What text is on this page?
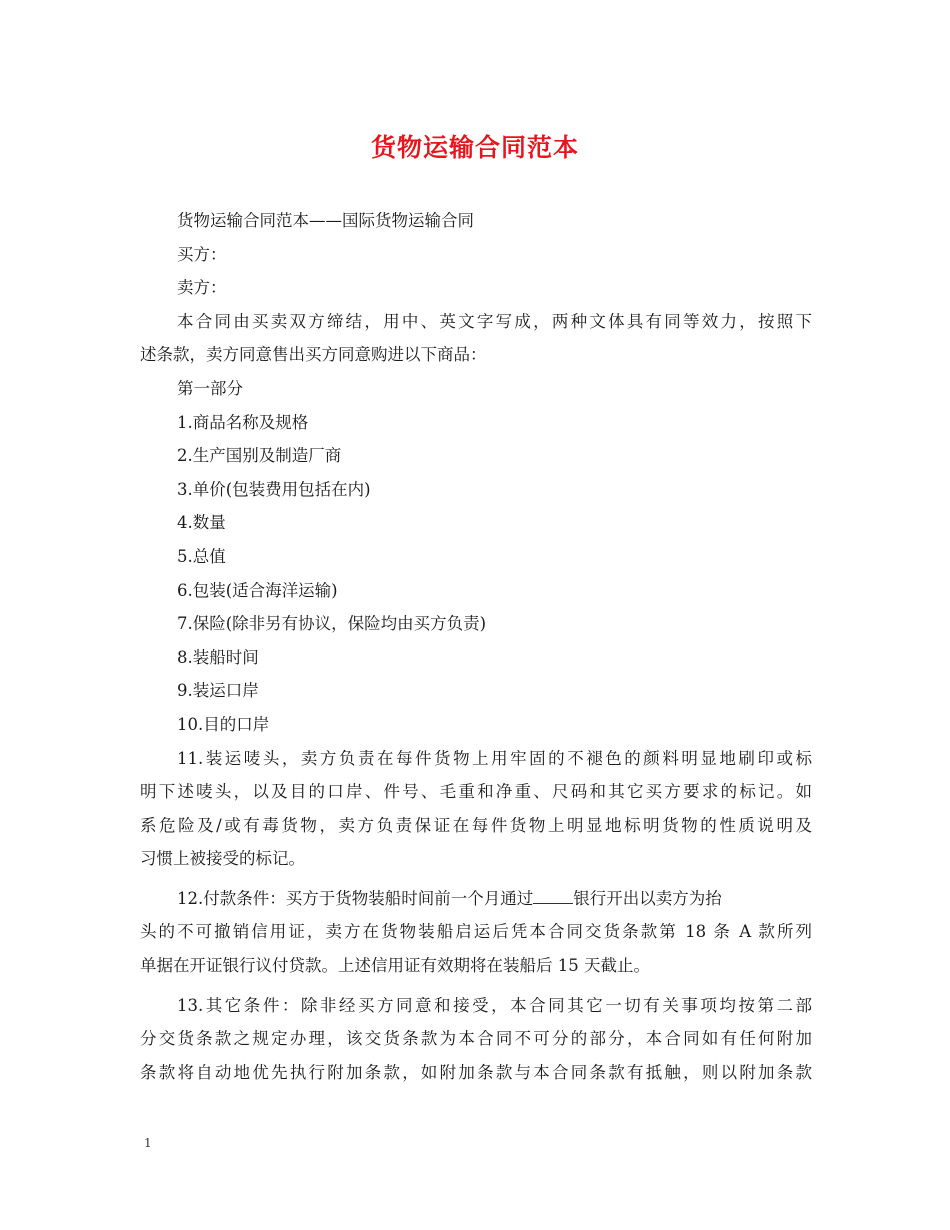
货物运输合同范本
货物运输合同范本——国际货物运输合同
买方：
卖方：
本合同由买卖双方缔结，用中、英文字写成，两种文体具有同等效力，按照下
述条款，卖方同意售出买方同意购进以下商品：
第一部分
1.商品名称及规格
2.生产国别及制造厂商
3.单价(包装费用包括在内)
4.数量
5.总值
6.包装(适合海洋运输)
7.保险(除非另有协议，保险均由买方负责)
8.装船时间
9.装运口岸
10.目的口岸
11.装运唛头，卖方负责在每件货物上用牢固的不褪色的颜料明显地刷印或标
明下述唛头，以及目的口岸、件号、毛重和净重、尺码和其它买方要求的标记。如
系危险及/或有毒货物，卖方负责保证在每件货物上明显地标明货物的性质说明及
习惯上被接受的标记。
12.付款条件：买方于货物装船时间前一个月通过 银行开出以卖方为抬
头的不可撤销信用证，卖方在货物装船启运后凭本合同交货条款第 18 条 A 款所列
单据在开证银行议付贷款。上述信用证有效期将在装船后 15 天截止。
13.其它条件：除非经买方同意和接受，本合同其它一切有关事项均按第二部
分交货条款之规定办理，该交货条款为本合同不可分的部分，本合同如有任何附加
条款将自动地优先执行附加条款，如附加条款与本合同条款有抵触，则以附加条款
1
